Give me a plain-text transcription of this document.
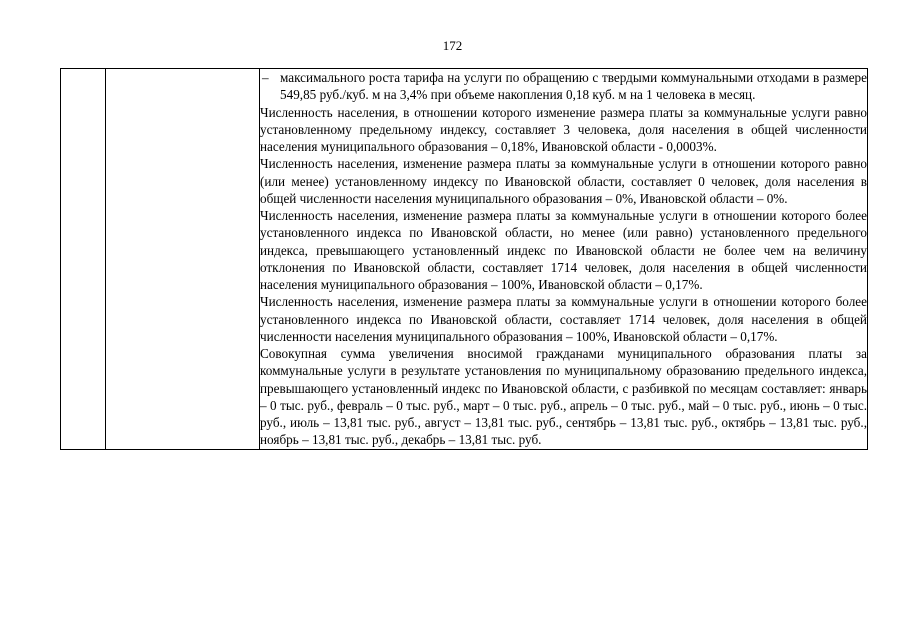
172

– максимального роста тарифа на услуги по обращению с твердыми коммунальными отходами в размере 549,85 руб./куб. м на 3,4% при объеме накопления 0,18 куб. м на 1 человека в месяц.

Численность населения, в отношении которого изменение размера платы за коммунальные услуги равно установленному предельному индексу, составляет 3 человека, доля населения в общей численности населения муниципального образования – 0,18%, Ивановской области - 0,0003%.

Численность населения, изменение размера платы за коммунальные услуги в отношении которого равно (или менее) установленному индексу по Ивановской области, составляет 0 человек, доля населения в общей численности населения муниципального образования – 0%, Ивановской области – 0%.

Численность населения, изменение размера платы за коммунальные услуги в отношении которого более установленного индекса по Ивановской области, но менее (или равно) установленного предельного индекса, превышающего установленный индекс по Ивановской области не более чем на величину отклонения по Ивановской области, составляет 1714 человек, доля населения в общей численности населения муниципального образования – 100%, Ивановской области – 0,17%.

Численность населения, изменение размера платы за коммунальные услуги в отношении которого более установленного индекса по Ивановской области, составляет 1714 человек, доля населения в общей численности населения муниципального образования – 100%, Ивановской области – 0,17%.

Совокупная сумма увеличения вносимой гражданами муниципального образования платы за коммунальные услуги в результате установления по муниципальному образованию предельного индекса, превышающего установленный индекс по Ивановской области, с разбивкой по месяцам составляет: январь – 0 тыс. руб., февраль – 0 тыс. руб., март – 0 тыс. руб., апрель – 0 тыс. руб., май – 0 тыс. руб., июнь – 0 тыс. руб., июль – 13,81 тыс. руб., август – 13,81 тыс. руб., сентябрь – 13,81 тыс. руб., октябрь – 13,81 тыс. руб., ноябрь – 13,81 тыс. руб., декабрь – 13,81 тыс. руб.
